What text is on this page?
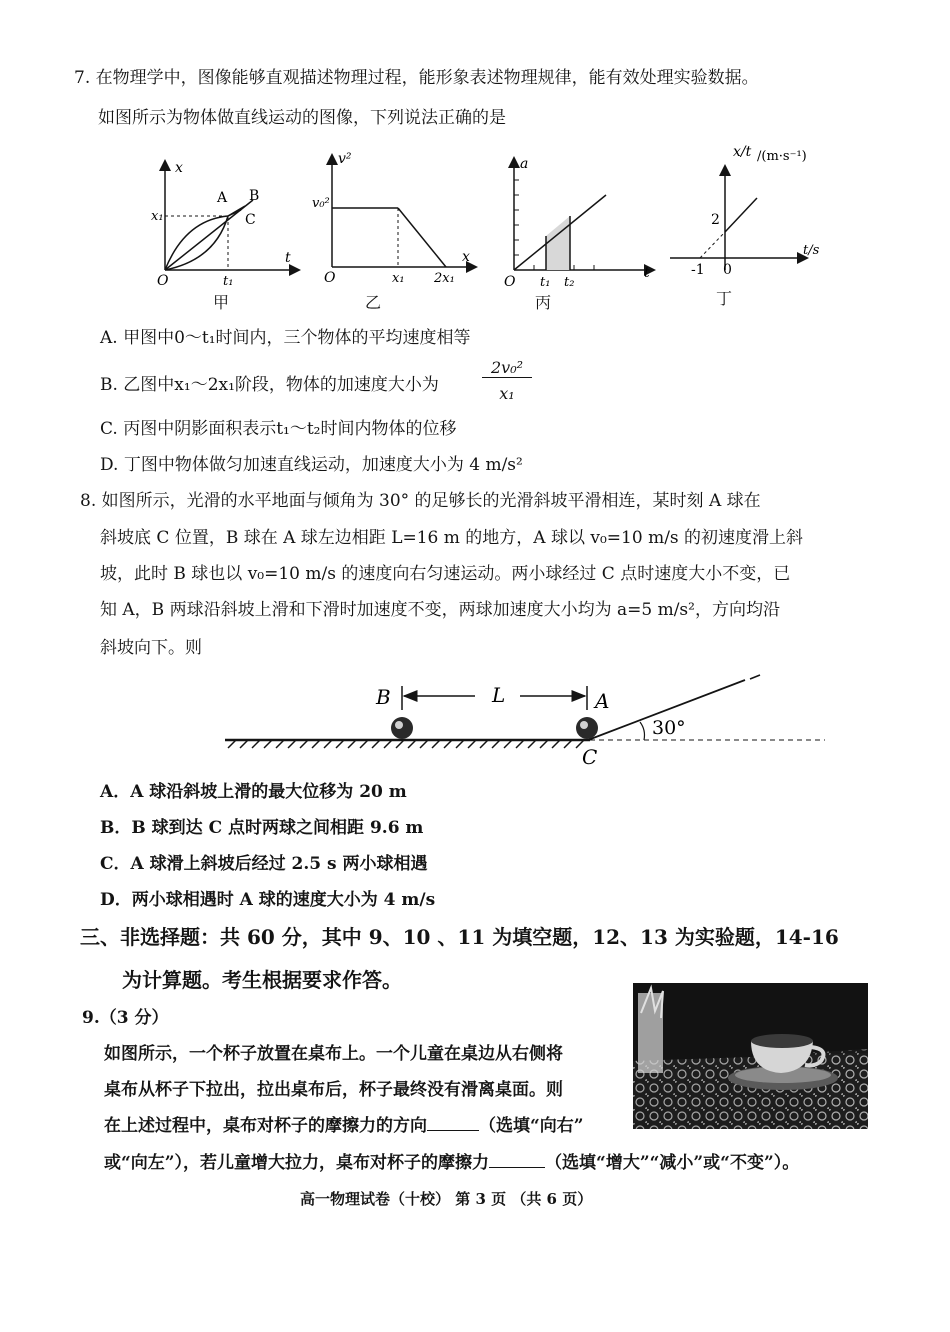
7. 在物理学中，图像能够直观描述物理过程，能形象表述物理规律，能有效处理实验数据。
如图所示为物体做直线运动的图像，下列说法正确的是
x
t
x₁
t₁
O
A B
C
甲
v²
x
v₀²
x₁ 2x₁
O
乙
a
t
t₁ t₂
O
丙
x/t /(m·s⁻¹)
t/s
2
-1 0
丁
A. 甲图中0～t₁时间内，三个物体的平均速度相等
B. 乙图中x₁～2x₁阶段，物体的加速度大小为
2v₀²
x₁
C. 丙图中阴影面积表示t₁～t₂时间内物体的位移
D. 丁图中物体做匀加速直线运动，加速度大小为 4 m/s²
8. 如图所示，光滑的水平地面与倾角为 30° 的足够长的光滑斜坡平滑相连，某时刻 A 球在
斜坡底 C 位置，B 球在 A 球左边相距 L=16 m 的地方，A 球以 v₀=10 m/s 的初速度滑上斜
坡，此时 B 球也以 v₀=10 m/s 的速度向右匀速运动。两小球经过 C 点时速度大小不变，已
知 A，B 两球沿斜坡上滑和下滑时加速度不变，两球加速度大小均为 a=5 m/s²，方向均沿
斜坡向下。则
B	L	A
C
30°
A．A 球沿斜坡上滑的最大位移为 20 m
B．B 球到达 C 点时两球之间相距 9.6 m
C．A 球滑上斜坡后经过 2.5 s 两小球相遇
D．两小球相遇时 A 球的速度大小为 4 m/s
三、非选择题：共 60 分，其中 9、10 、11 为填空题，12、13 为实验题，14-16
为计算题。考生根据要求作答。
9.（3 分）
如图所示，一个杯子放置在桌布上。一个儿童在桌边从右侧将
桌布从杯子下拉出，拉出桌布后，杯子最终没有滑离桌面。则
在上述过程中，桌布对杯子的摩擦力的方向	（选填“向右”
或“向左”），若儿童增大拉力，桌布对杯子的摩擦力	（选填“增大”“减小”或“不变”）。
高一物理试卷（十校） 第 3 页 （共 6 页）
